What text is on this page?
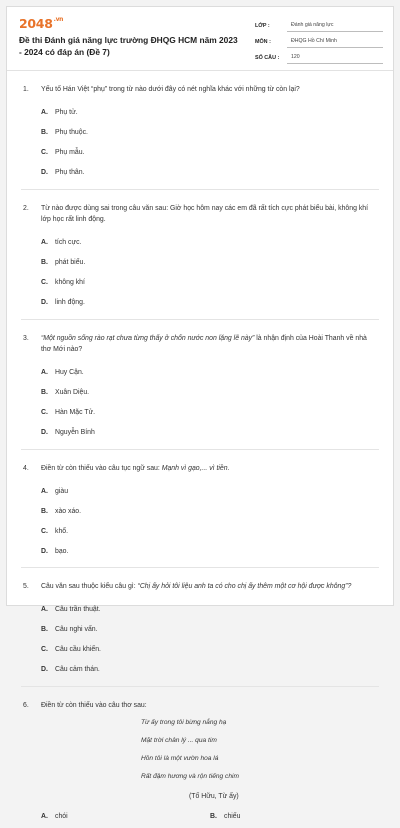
$2048^{.vn}$
Đề thi Đánh giá năng lực trường ĐHQG HCM năm 2023 - 2024 có đáp án (Đề 7)
LỚP :	Đánh giá năng lực
MÔN :	ĐHQG Hồ Chí Minh
SỐ CÂU :	120
1.	Yếu tố Hán Việt “phụ” trong từ nào dưới đây có nét nghĩa khác với những từ còn lại?
A.	Phụ tử.
B.	Phụ thuộc.
C.	Phụ mẫu.
D.	Phụ thân.
2.	Từ nào được dùng sai trong câu văn sau: Giờ học hôm nay các em đã rất tích cực phát biểu bài, không khí lớp học rất linh động.
A.	tích cực.
B.	phát biểu.
C.	không khí
D.	linh động.
3.	“Một nguồn sống rào rạt chưa từng thấy ở chốn nước non lặng lẽ này” là nhận định của Hoài Thanh về nhà thơ Mới nào?
A.	Huy Cận.
B.	Xuân Diệu.
C.	Hàn Mặc Tử.
D.	Nguyễn Bính
4.	Điền từ còn thiếu vào câu tục ngữ sau: Mạnh vì gạo,... vì tiền.
A.	giàu
B.	xào xáo.
C.	khổ.
D.	bạo.
5.	Câu văn sau thuộc kiểu câu gì: “Chị ấy hỏi tôi liệu anh ta có cho chị ấy thêm một cơ hội được không”?
A.	Câu trần thuật.
B.	Câu nghi vấn.
C.	Câu cầu khiến.
D.	Câu cảm thán.
6.	Điền từ còn thiếu vào câu thơ sau:
Từ ấy trong tôi bừng nắng hạ
Mặt trời chân lý ... qua tim
Hồn tôi là một vườn hoa lá
Rất đậm hương và rộn tiếng chim
(Tố Hữu, Từ ấy)
A.	chói	B.	chiếu
